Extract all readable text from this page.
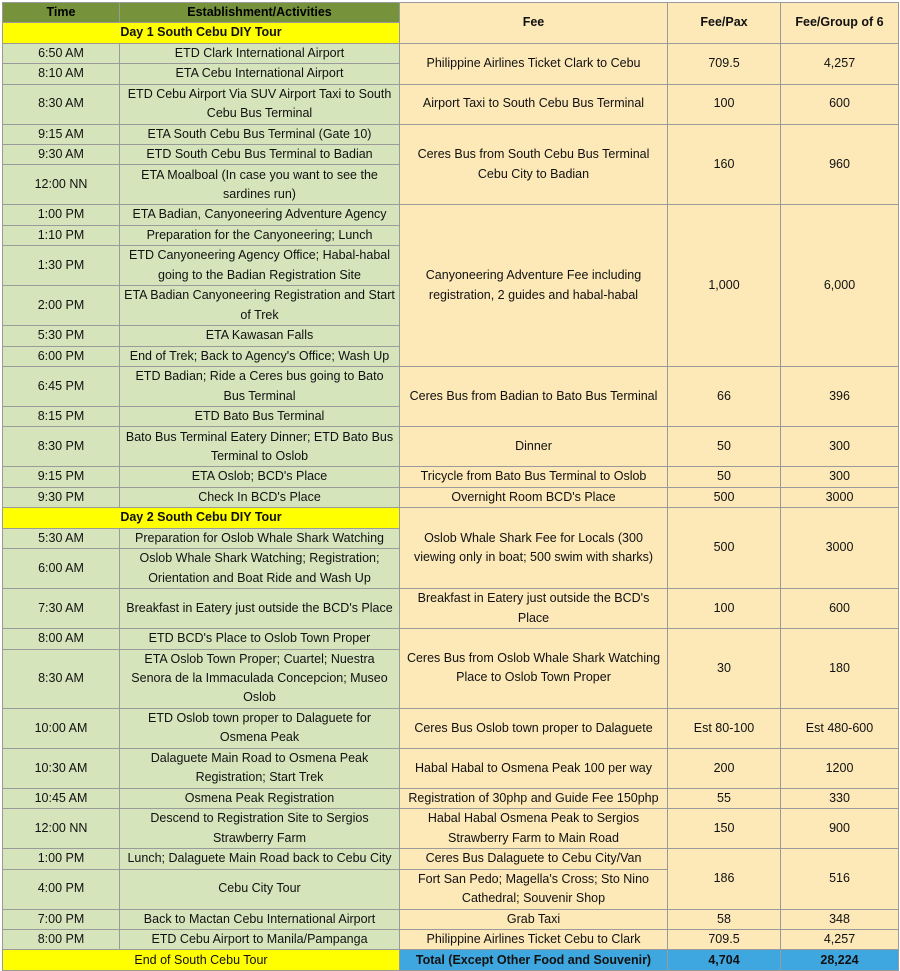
Time	Establishment/Activities	Fee	Fee/Pax	Fee/Group of 6
Day 1 South Cebu DIY Tour				
6:50 AM	ETD Clark International Airport	Philippine Airlines Ticket Clark to Cebu	709.5	4,257
8:10 AM	ETA Cebu International Airport			
8:30 AM	ETD Cebu Airport Via SUV Airport Taxi to South Cebu Bus Terminal	Airport Taxi to South Cebu Bus Terminal	100	600
9:15 AM	ETA South Cebu Bus Terminal (Gate 10)	Ceres Bus from South Cebu Bus Terminal Cebu City to Badian	160	960
9:30 AM	ETD South Cebu Bus Terminal to Badian			
12:00 NN	ETA Moalboal (In case you want to see the sardines run)			
1:00 PM	ETA Badian, Canyoneering Adventure Agency	Canyoneering Adventure Fee including registration, 2 guides and habal-habal	1,000	6,000
1:10 PM	Preparation for the Canyoneering; Lunch			
1:30 PM	ETD Canyoneering Agency Office; Habal-habal going to the Badian Registration Site			
2:00 PM	ETA Badian Canyoneering Registration and Start of Trek			
5:30 PM	ETA Kawasan Falls			
6:00 PM	End of Trek; Back to Agency's Office; Wash Up			
6:45 PM	ETD Badian; Ride a Ceres bus going to Bato Bus Terminal	Ceres Bus from Badian to Bato Bus Terminal	66	396
8:15 PM	ETD Bato Bus Terminal			
8:30 PM	Bato Bus Terminal Eatery Dinner; ETD Bato Bus Terminal to Oslob	Dinner	50	300
9:15 PM	ETA Oslob; BCD's Place	Tricycle from Bato Bus Terminal to Oslob	50	300
9:30 PM	Check In BCD's Place	Overnight Room BCD's Place	500	3000
Day 2 South Cebu DIY Tour		Oslob Whale Shark Fee for Locals (300 viewing only in boat; 500 swim with sharks)	500	3000
5:30 AM	Preparation for Oslob Whale Shark Watching			
6:00 AM	Oslob Whale Shark Watching; Registration; Orientation and Boat Ride and Wash Up			
7:30 AM	Breakfast in Eatery just outside the BCD's Place	Breakfast in Eatery just outside the BCD's Place	100	600
8:00 AM	ETD BCD's Place to Oslob Town Proper	Ceres Bus from Oslob Whale Shark Watching Place to Oslob Town Proper	30	180
8:30 AM	ETA Oslob Town Proper; Cuartel; Nuestra Senora de la Immaculada Concepcion; Museo Oslob			
10:00 AM	ETD Oslob town proper to Dalaguete for Osmena Peak	Ceres Bus Oslob town proper to Dalaguete	Est 80-100	Est 480-600
10:30 AM	Dalaguete Main Road to Osmena Peak Registration; Start Trek	Habal Habal to Osmena Peak 100 per way	200	1200
10:45 AM	Osmena Peak Registration	Registration of 30php and Guide Fee 150php	55	330
12:00 NN	Descend to Registration Site to Sergios Strawberry Farm	Habal Habal Osmena Peak to Sergios Strawberry Farm to Main Road	150	900
1:00 PM	Lunch; Dalaguete Main Road back to Cebu City	Ceres Bus Dalaguete to Cebu City/Van	186	516
4:00 PM	Cebu City Tour	Fort San Pedo; Magella's Cross; Sto Nino Cathedral; Souvenir Shop		
7:00 PM	Back to Mactan Cebu International Airport	Grab Taxi	58	348
8:00 PM	ETD Cebu Airport to Manila/Pampanga	Philippine Airlines Ticket Cebu to Clark	709.5	4,257
End of South Cebu Tour		Total (Except Other Food and Souvenir)	4,704	28,224
